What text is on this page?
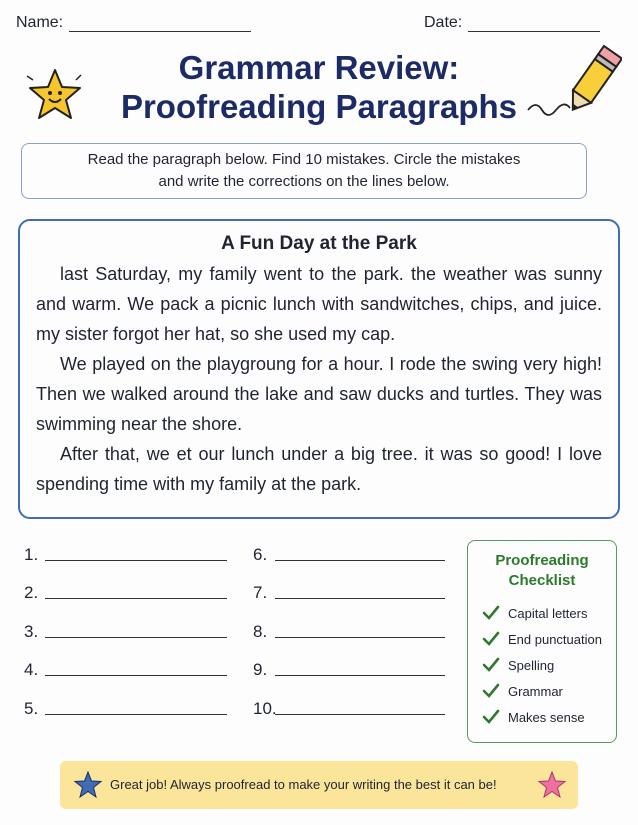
Name:	Date:
Grammar Review:
Proofreading Paragraphs
Read the paragraph below. Find 10 mistakes. Circle the mistakes
and write the corrections on the lines below.
A Fun Day at the Park

last Saturday, my family went to the park. the weather was sunny and warm. We pack a picnic lunch with sandwitches, chips, and juice. my sister forgot her hat, so she used my cap.

We played on the playgroung for a hour. I rode the swing very high! Then we walked around the lake and saw ducks and turtles. They was swimming near the shore.

After that, we et our lunch under a big tree. it was so good! I love spending time with my family at the park.

1.
2.
3.
4.
5.
6.
7.
8.
9.
10.
Proofreading
Checklist
Capital letters
End punctuation
Spelling
Grammar
Makes sense
Great job! Always proofread to make your writing the best it can be!
